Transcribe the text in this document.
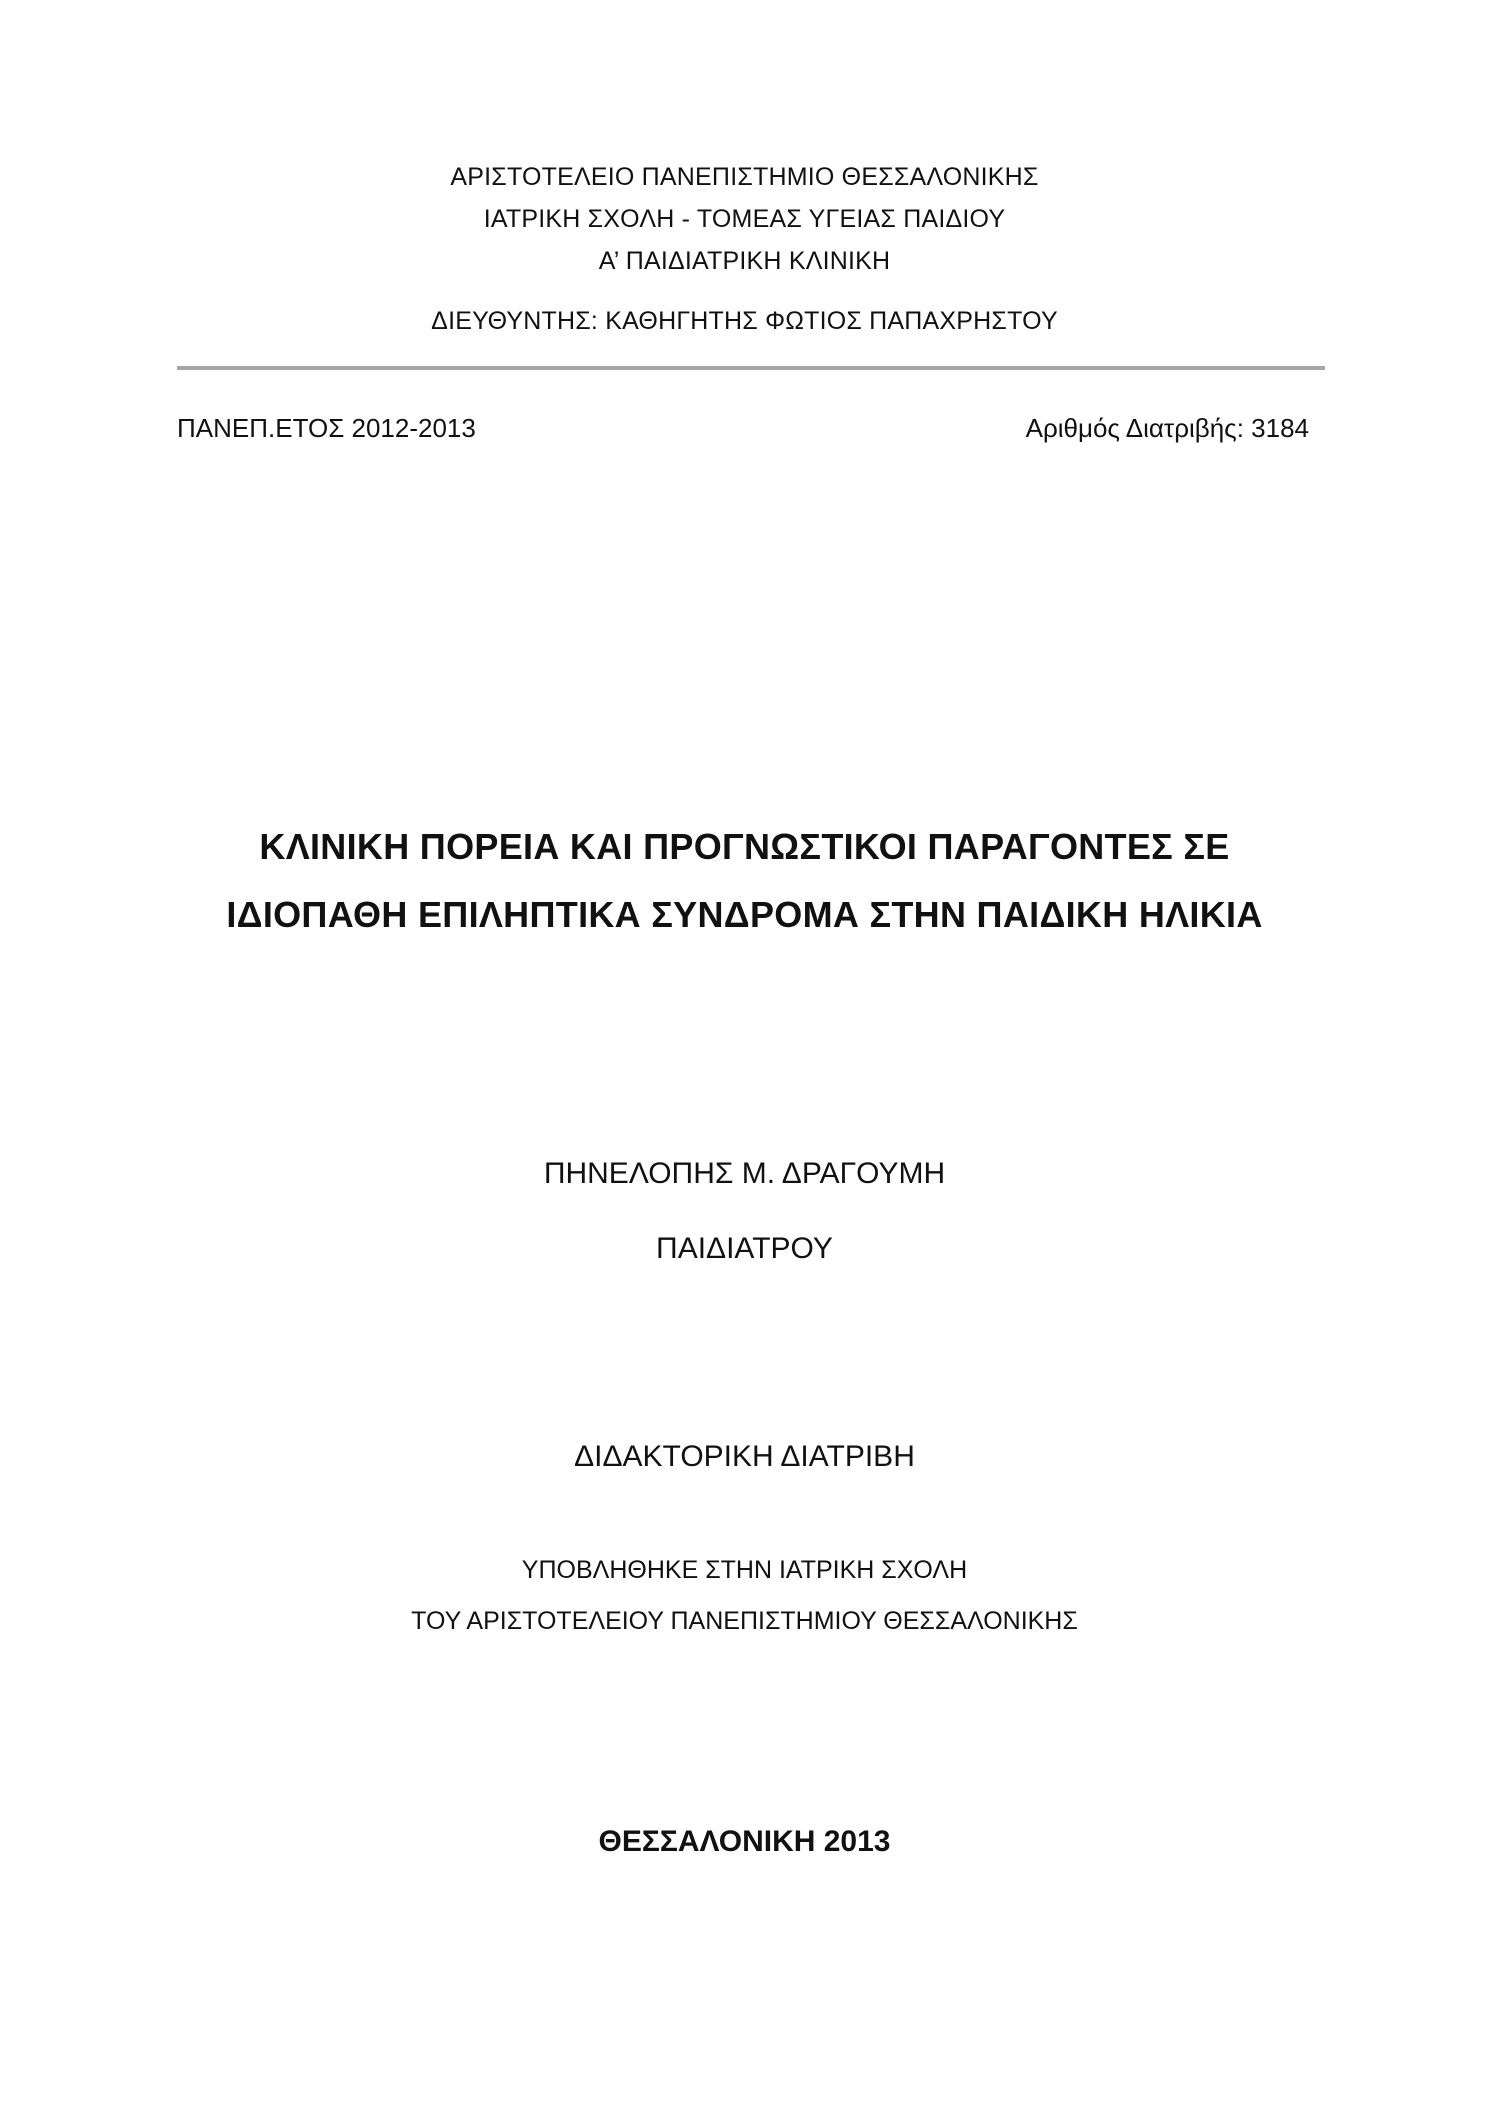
ΑΡΙΣΤΟΤΕΛΕΙΟ ΠΑΝΕΠΙΣΤΗΜΙΟ ΘΕΣΣΑΛΟΝΙΚΗΣ
ΙΑΤΡΙΚΗ ΣΧΟΛΗ - ΤΟΜΕΑΣ ΥΓΕΙΑΣ ΠΑΙΔΙΟΥ
Α’ ΠΑΙΔΙΑΤΡΙΚΗ ΚΛΙΝΙΚΗ
ΔΙΕΥΘΥΝΤΗΣ: ΚΑΘΗΓΗΤΗΣ ΦΩΤΙΟΣ ΠΑΠΑΧΡΗΣΤΟΥ
ΠΑΝΕΠ.ΕΤΟΣ 2012-2013	Αριθμός Διατριβής: 3184
ΚΛΙΝΙΚΗ ΠΟΡΕΙΑ ΚΑΙ ΠΡΟΓΝΩΣΤΙΚΟΙ ΠΑΡΑΓΟΝΤΕΣ ΣΕ
ΙΔΙΟΠΑΘΗ ΕΠΙΛΗΠΤΙΚΑ ΣΥΝΔΡΟΜΑ ΣΤΗΝ ΠΑΙΔΙΚΗ ΗΛΙΚΙΑ
ΠΗΝΕΛΟΠΗΣ Μ. ΔΡΑΓΟΥΜΗ
ΠΑΙΔΙΑΤΡΟΥ
ΔΙΔΑΚΤΟΡΙΚΗ ΔΙΑΤΡΙΒΗ
ΥΠΟΒΛΗΘΗΚΕ ΣΤΗΝ ΙΑΤΡΙΚΗ ΣΧΟΛΗ
ΤΟΥ ΑΡΙΣΤΟΤΕΛΕΙΟΥ ΠΑΝΕΠΙΣΤΗΜΙΟΥ ΘΕΣΣΑΛΟΝΙΚΗΣ
ΘΕΣΣΑΛΟΝΙΚΗ 2013
